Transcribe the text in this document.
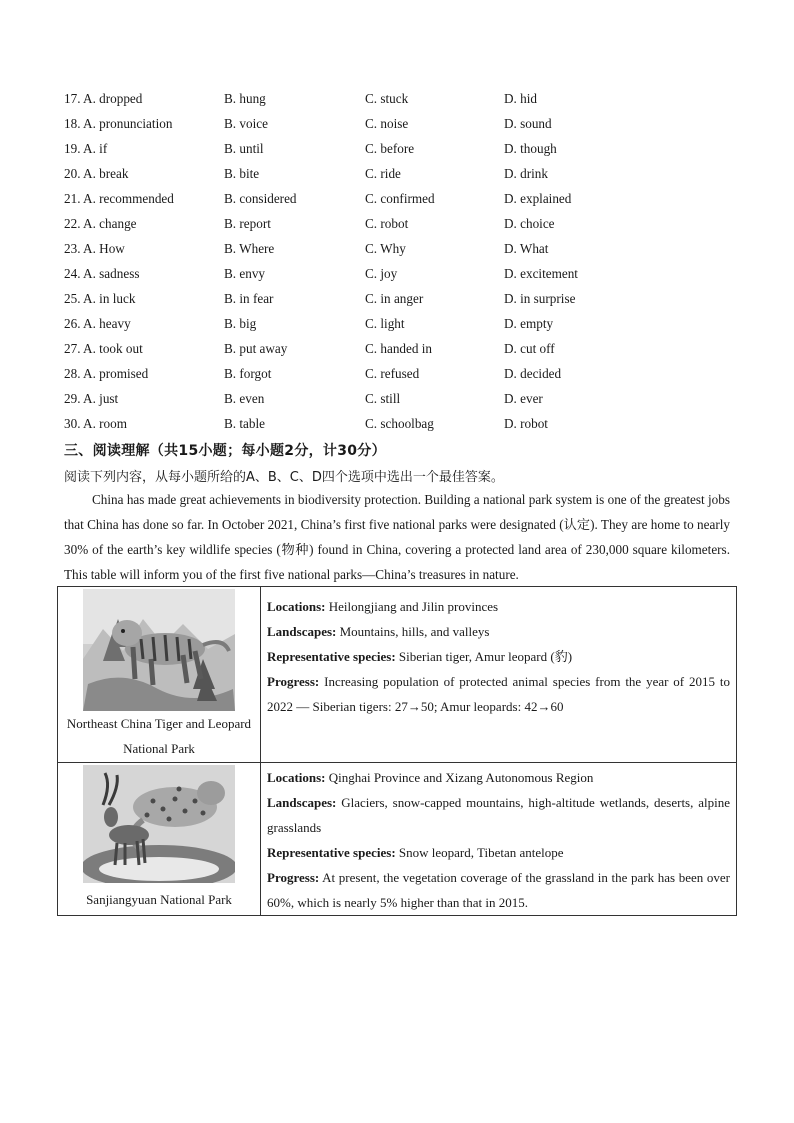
17. A. dropped	B. hung	C. stuck	D. hid
18. A. pronunciation	B. voice	C. noise	D. sound
19. A. if	B. until	C. before	D. though
20. A. break	B. bite	C. ride	D. drink
21. A. recommended	B. considered	C. confirmed	D. explained
22. A. change	B. report	C. robot	D. choice
23. A. How	B. Where	C. Why	D. What
24. A. sadness	B. envy	C. joy	D. excitement
25. A. in luck	B. in fear	C. in anger	D. in surprise
26. A. heavy	B. big	C. light	D. empty
27. A. took out	B. put away	C. handed in	D. cut off
28. A. promised	B. forgot	C. refused	D. decided
29. A. just	B. even	C. still	D. ever
30. A. room	B. table	C. schoolbag	D. robot
三、阅读理解（共15小题；每小题2分，计30分）
阅读下列内容，从每小题所给的A、B、C、D四个选项中选出一个最佳答案。

China has made great achievements in biodiversity protection. Building a national park system is one of the greatest jobs that China has done so far. In October 2021, China’s first five national parks were designated (认定). They are home to nearly 30% of the earth’s key wildlife species (物种) found in China, covering a protected land area of 230,000 square kilometers. This table will inform you of the first five national parks—China’s treasures in nature.

Northeast China Tiger and Leopard National Park	Locations: Heilongjiang and Jilin provinces
Landscapes: Mountains, hills, and valleys
Representative species: Siberian tiger, Amur leopard (豹)
Progress: Increasing population of protected animal species from the year of 2015 to 2022 — Siberian tigers: 27→50; Amur leopards: 42→60

Sanjiangyuan National Park	Locations: Qinghai Province and Xizang Autonomous Region
Landscapes: Glaciers, snow-capped mountains, high-altitude wetlands, deserts, alpine grasslands
Representative species: Snow leopard, Tibetan antelope
Progress: At present, the vegetation coverage of the grassland in the park has been over 60%, which is nearly 5% higher than that in 2015.
